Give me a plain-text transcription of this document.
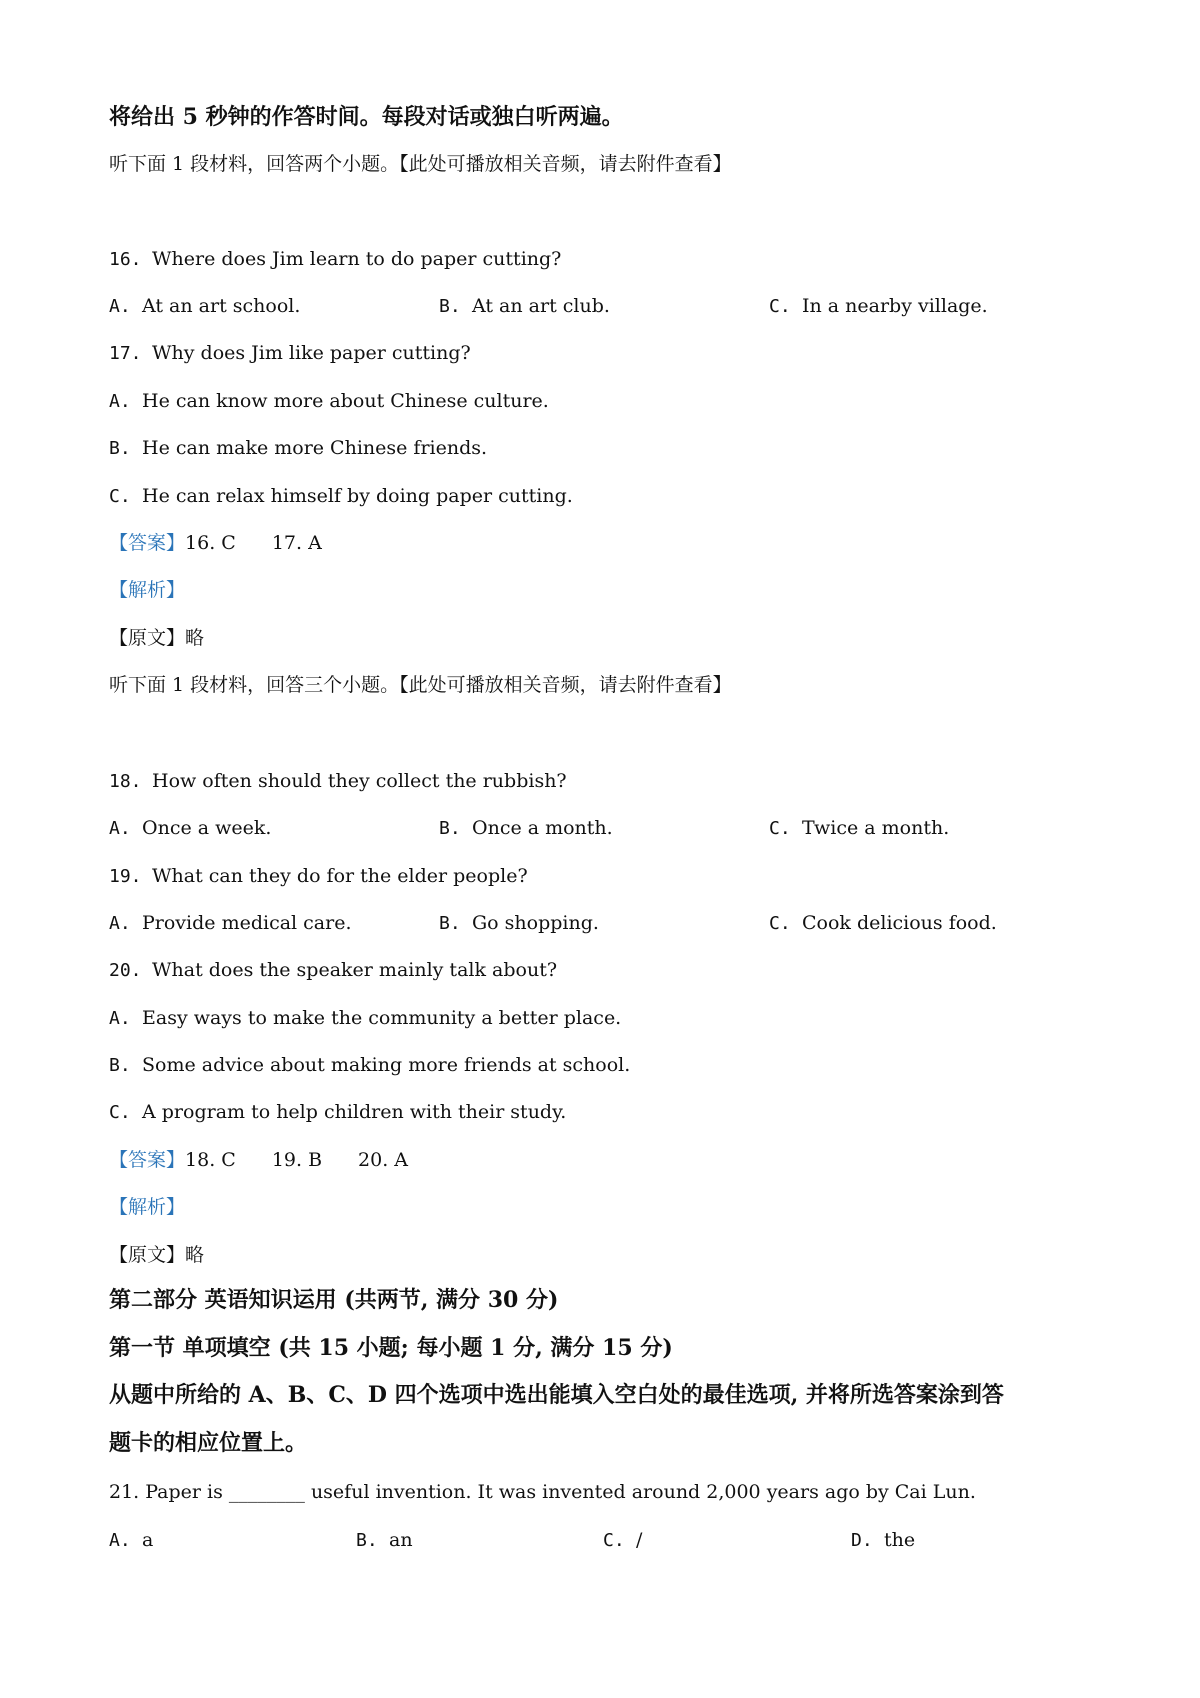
将给出 5 秒钟的作答时间。每段对话或独白听两遍。
听下面 1 段材料，回答两个小题。【此处可播放相关音频，请去附件查看】
16. Where does Jim learn to do paper cutting?
A. At an art school.	B. At an art club.	C. In a nearby village.
17. Why does Jim like paper cutting?
A. He can know more about Chinese culture.
B. He can make more Chinese friends.
C. He can relax himself by doing paper cutting.
【答案】16. C 17. A
【解析】
【原文】略
听下面 1 段材料，回答三个小题。【此处可播放相关音频，请去附件查看】
18. How often should they collect the rubbish?
A. Once a week.	B. Once a month.	C. Twice a month.
19. What can they do for the elder people?
A. Provide medical care.	B. Go shopping.	C. Cook delicious food.
20. What does the speaker mainly talk about?
A. Easy ways to make the community a better place.
B. Some advice about making more friends at school.
C. A program to help children with their study.
【答案】18. C 19. B 20. A
【解析】
【原文】略
第二部分 英语知识运用 (共两节, 满分 30 分)
第一节 单项填空 (共 15 小题; 每小题 1 分, 满分 15 分)
从题中所给的 A、B、C、D 四个选项中选出能填入空白处的最佳选项, 并将所选答案涂到答
题卡的相应位置上。
21. Paper is ________ useful invention. It was invented around 2,000 years ago by Cai Lun.
A. a	B. an	C. /	D. the
